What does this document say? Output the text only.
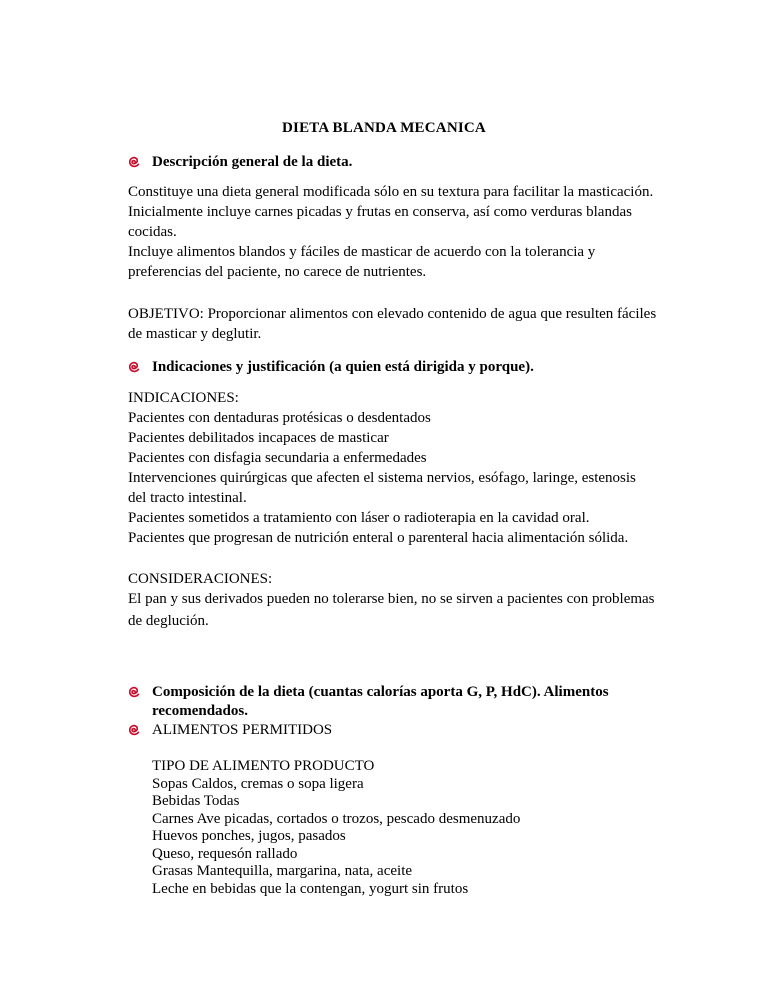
DIETA BLANDA MECANICA
Descripción general de la dieta.
Constituye una dieta general modificada sólo en su textura para facilitar la masticación.
Inicialmente incluye carnes picadas y frutas en conserva, así como verduras blandas
cocidas.
Incluye alimentos blandos y fáciles de masticar de acuerdo con la tolerancia y
preferencias del paciente, no carece de nutrientes.
OBJETIVO: Proporcionar alimentos con elevado contenido de agua que resulten fáciles
de masticar y deglutir.
Indicaciones y justificación (a quien está dirigida y porque).
INDICACIONES:
Pacientes con dentaduras protésicas o desdentados
Pacientes debilitados incapaces de masticar
Pacientes con disfagia secundaria a enfermedades
Intervenciones quirúrgicas que afecten el sistema nervios, esófago, laringe, estenosis
del tracto intestinal.
Pacientes sometidos a tratamiento con láser o radioterapia en la cavidad oral.
Pacientes que progresan de nutrición enteral o parenteral hacia alimentación sólida.
CONSIDERACIONES:
El pan y sus derivados pueden no tolerarse bien, no se sirven a pacientes con problemas
de deglución.
Composición de la dieta (cuantas calorías aporta G, P, HdC). Alimentos
recomendados.
ALIMENTOS PERMITIDOS
TIPO DE ALIMENTO PRODUCTO
Sopas Caldos, cremas o sopa ligera
Bebidas Todas
Carnes Ave picadas, cortados o trozos, pescado desmenuzado
Huevos ponches, jugos, pasados
Queso, requesón rallado
Grasas Mantequilla, margarina, nata, aceite
Leche en bebidas que la contengan, yogurt sin frutos
